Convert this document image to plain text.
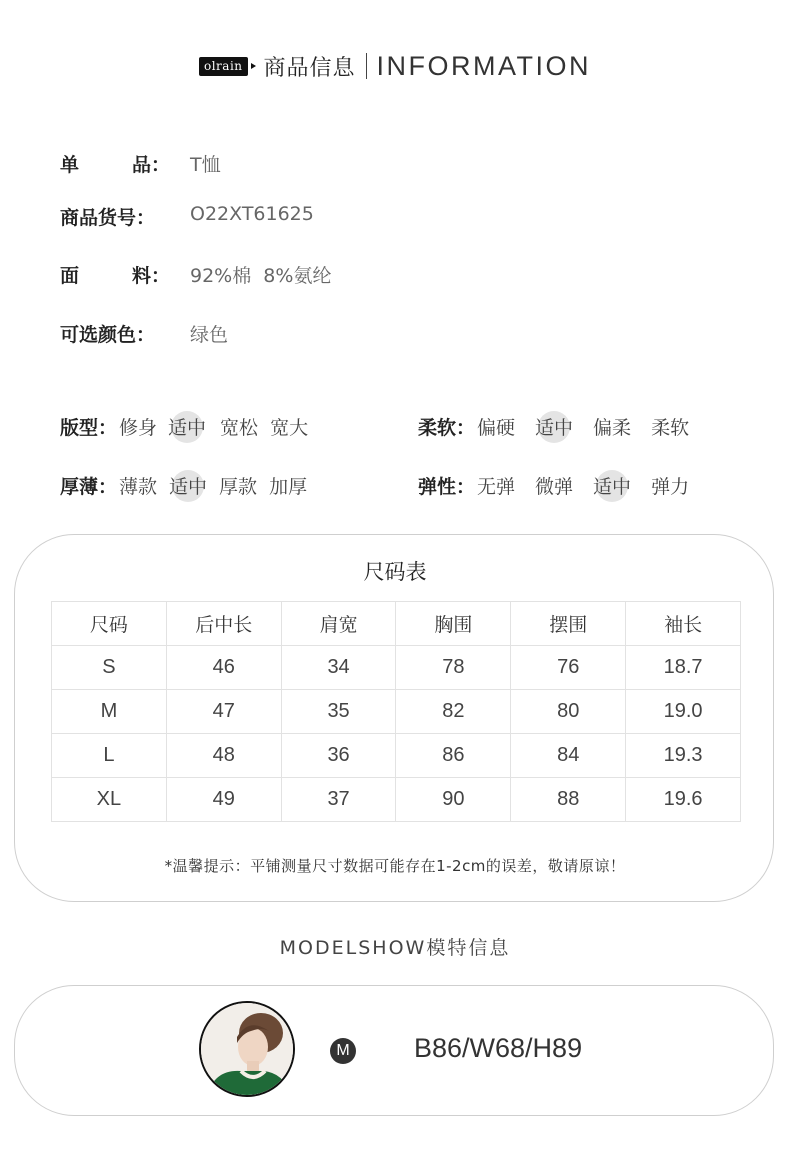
olrain 商品信息 INFORMATION
单	品： T恤
商品货号：	O22XT61625
面	料： 92%棉  8%氨纶
可选颜色：	绿色
版型： 修身 适中 宽松 宽大	柔软： 偏硬 适中 偏柔 柔软
厚薄： 薄款 适中 厚款 加厚	弹性： 无弹 微弹 适中 弹力
尺码表
尺码	后中长	肩宽	胸围	摆围	袖长
S	46	34	78	76	18.7
M	47	35	82	80	19.0
L	48	36	86	84	19.3
XL	49	37	90	88	19.6
*温馨提示：平铺测量尺寸数据可能存在1-2cm的误差，敬请原谅！
MODELSHOW模特信息
M B86/W68/H89
